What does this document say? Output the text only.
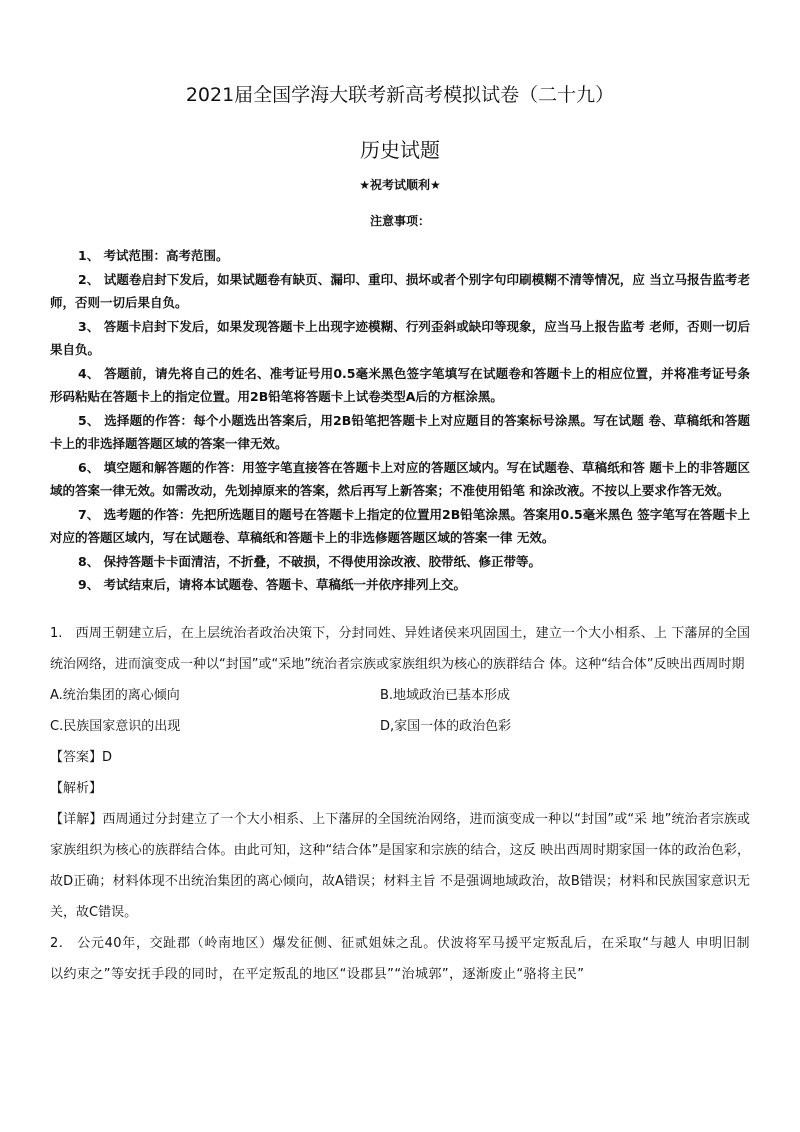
2021届全国学海大联考新高考模拟试卷（二十九）
历史试题
★祝考试顺利★
注意事项：

1、 考试范围：高考范围。

2、 试题卷启封下发后，如果试题卷有缺页、漏印、重印、损坏或者个别字句印刷模糊不清等情况，应 当立马报告监考老师，否则一切后果自负。

3、 答题卡启封下发后，如果发现答题卡上出现字迹模糊、行列歪斜或缺印等现象，应当马上报告监考 老师，否则一切后果自负。

4、 答题前，请先将自己的姓名、准考证号用0.5毫米黑色签字笔填写在试题卷和答题卡上的相应位置，并将准考证号条形码粘贴在答题卡上的指定位置。用2B铅笔将答题卡上试卷类型A后的方框涂黑。

5、 选择题的作答：每个小题选出答案后，用2B铅笔把答题卡上对应题目的答案标号涂黑。写在试题 卷、草稿纸和答题卡上的非选择题答题区域的答案一律无效。

6、 填空题和解答题的作答：用签字笔直接答在答题卡上对应的答题区域内。写在试题卷、草稿纸和答 题卡上的非答题区域的答案一律无效。如需改动，先划掉原来的答案，然后再写上新答案；不准使用铅笔 和涂改液。不按以上要求作答无效。

7、 选考题的作答：先把所选题目的题号在答题卡上指定的位置用2B铅笔涂黑。答案用0.5毫米黑色 签字笔写在答题卡上对应的答题区域内，写在试题卷、草稿纸和答题卡上的非选修题答题区域的答案一律 无效。

8、 保持答题卡卡面清洁，不折叠，不破损，不得使用涂改液、胶带纸、修正带等。

9、 考试结束后，请将本试题卷、答题卡、草稿纸一并依序排列上交。

1.　西周王朝建立后，在上层统治者政治决策下，分封同姓、异姓诸侯来巩固国土，建立一个大小相系、上 下藩屏的全国统治网络，进而演变成一种以“封国”或“采地”统治者宗族或家族组织为核心的族群结合 体。这种“结合体”反映出西周时期

A.统治集团的离心倾向	B.地域政治已基本形成
C.民族国家意识的出现	D,家国一体的政治色彩

【答案】D

【解析】

【详解】西周通过分封建立了一个大小相系、上下藩屏的全国统治网络，进而演变成一种以“封国”或“采 地”统治者宗族或家族组织为核心的族群结合体。由此可知，这种“结合体”是国家和宗族的结合，这反 映出西周时期家国一体的政治色彩，故D正确；材料体现不出统治集团的离心倾向，故A错误；材料主旨 不是强调地域政治，故B错误；材料和民族国家意识无关，故C错误。

2.　公元40年，交趾郡（岭南地区）爆发征侧、征贰姐妹之乱。伏波将军马援平定叛乱后，在采取“与越人 申明旧制以约束之”等安抚手段的同时，在平定叛乱的地区“设郡县”“治城郭”，逐渐废止“骆将主民”
